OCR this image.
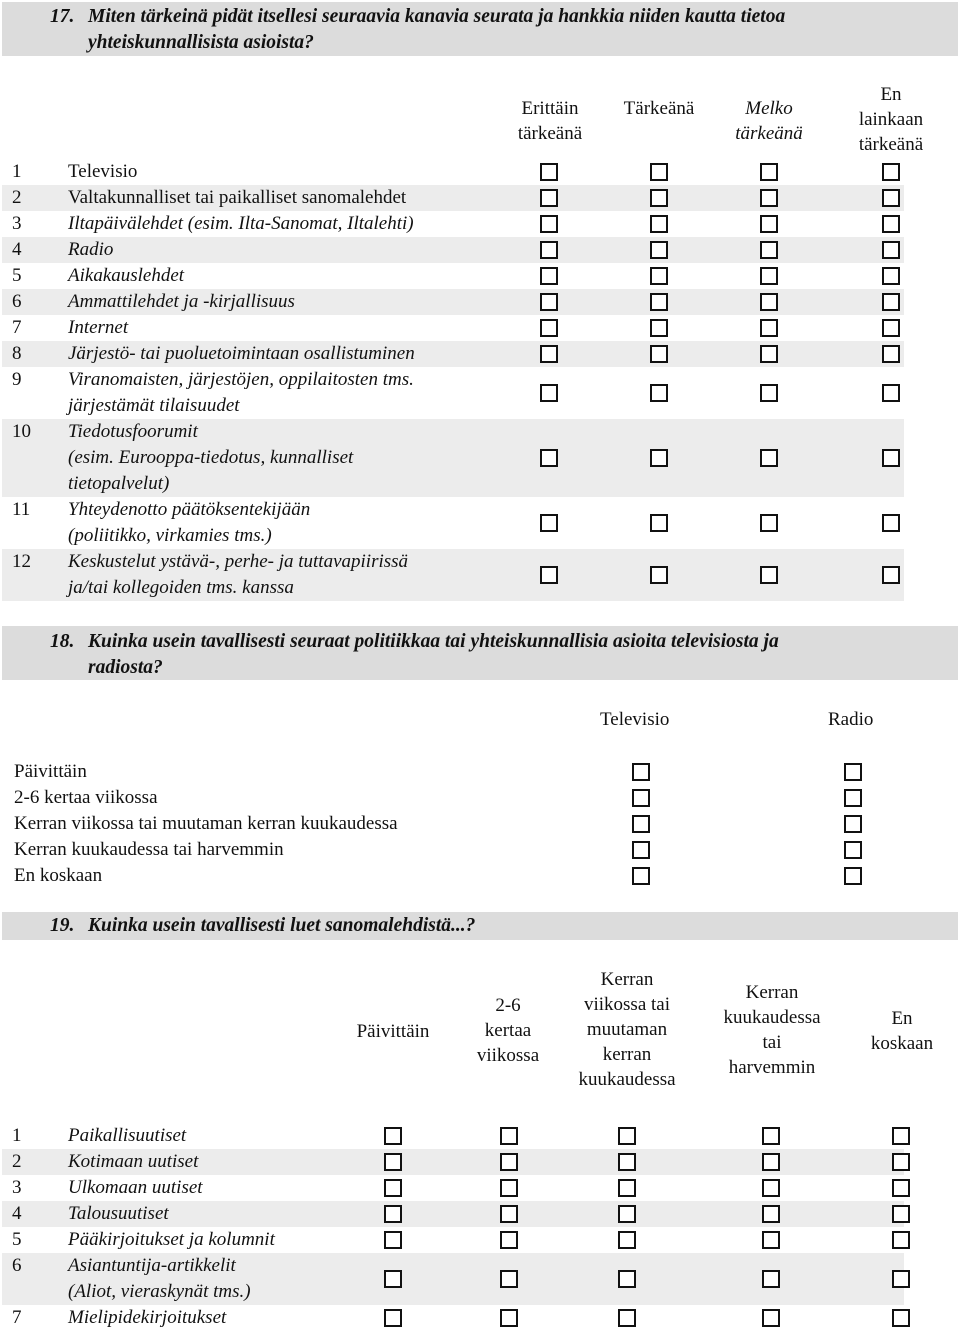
17. Miten tärkeinä pidät itsellesi seuraavia kanavia seurata ja hankkia niiden kautta tietoa
yhteiskunnallisista asioista?
Erittäin
tärkeänä
Tärkeänä	Melko
tärkeänä
En
lainkaan
tärkeänä
1 Televisio
2 Valtakunnalliset tai paikalliset sanomalehdet
3 Iltapäivälehdet (esim. Ilta-Sanomat, Iltalehti)
4 Radio
5 Aikakauslehdet
6 Ammattilehdet ja -kirjallisuus
7 Internet
8 Järjestö- tai puoluetoimintaan osallistuminen
9 Viranomaisten, järjestöjen, oppilaitosten tms.
järjestämät tilaisuudet
10 Tiedotusfoorumit
(esim. Eurooppa-tiedotus, kunnalliset
tietopalvelut)
11 Yhteydenotto päätöksentekijään
(poliitikko, virkamies tms.)
12 Keskustelut ystävä-, perhe- ja tuttavapiirissä
ja/tai kollegoiden tms. kanssa
18. Kuinka usein tavallisesti seuraat politiikkaa tai yhteiskunnallisia asioita televisiosta ja
radiosta?
Televisio	Radio
Päivittäin
2-6 kertaa viikossa
Kerran viikossa tai muutaman kerran kuukaudessa
Kerran kuukaudessa tai harvemmin
En koskaan
19. Kuinka usein tavallisesti luet sanomalehdistä...?
Päivittäin
2-6
kertaa
viikossa
Kerran
viikossa tai
muutaman
kerran
kuukaudessa
Kerran
kuukaudessa
tai
harvemmin
En
koskaan
1 Paikallisuutiset
2 Kotimaan uutiset
3 Ulkomaan uutiset
4 Talousuutiset
5 Pääkirjoitukset ja kolumnit
6 Asiantuntija-artikkelit
(Aliot, vieraskynät tms.)
7 Mielipidekirjoitukset
